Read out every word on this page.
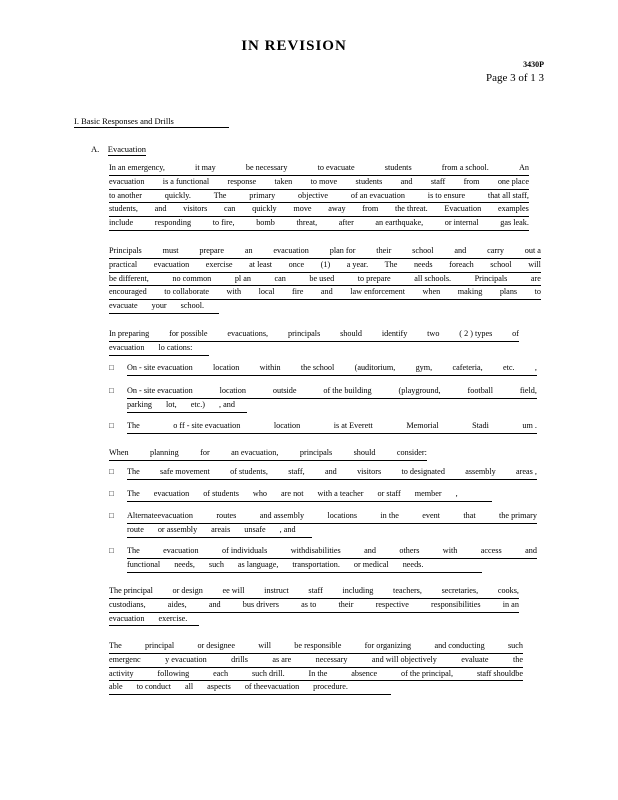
IN REVISION
3430P
Page 3 of 1 3
I. Basic Responses and Drills
A. Evacuation
In an emergency,	it may	be necessary	to evacuate	students	from a school.	An
evacuation is a functional response taken to move students and staff from one place
to another	quickly.	The	primary	objective	of an evacuation	is to ensure	that all staff,
students, and visitors can quickly move away from the threat. Evacuation examples
include	responding	to fire,	bomb	threat,	after	an earthquake,	or internal	gas leak.
Principals	must	prepare	an	evacuation	plan for	their	school	and	carry	out a
practical evacuation exercise at least once (1) a year. The needs foreach school will
be different,	no common	pl an	can	be used	to prepare	all schools.	Principals	are
encouraged to collaborate with local fire and law enforcement when making plans to
evacuate your school.
In preparing for possible evacuations, principals should identify two ( 2 ) types of
evacuation lo cations:
□ On - site evacuation location within the school (auditorium, gym, cafeteria, etc. ,
□ On - site evacuation	location	outside	of the building	(playground,	football	field,
parking lot, etc.) , and
□ The	o ff - site evacuation	location	is at Everett	Memorial	Stadi	um .
When	planning	for	an evacuation,	principals	should	consider:
□ The safe movement of students, staff, and visitors to designated assembly areas ,
□ The evacuation of students who are not with a teacher or staff member ,
□ Alternateevacuation	routes	and assembly	locations	in the	event	that	the primary
route or assembly areais unsafe , and
□ The	evacuation	of individuals	withdisabilities	and	others	with	access	and
functional needs, such as language, transportation. or medical needs.
The principal or design ee will instruct staff including teachers, secretaries, cooks,
custodians,	aides,	and	bus drivers	as to	their	respective	responsibilities	in an
evacuation exercise.
The	principal	or designee	will	be responsible	for organizing	and conducting	such
emergenc	y evacuation	drills	as are	necessary	and will objectively	evaluate	the
activity	following	each	such drill.	In the	absence	of the principal,	staff shouldbe
able to conduct all aspects of theevacuation procedure.
